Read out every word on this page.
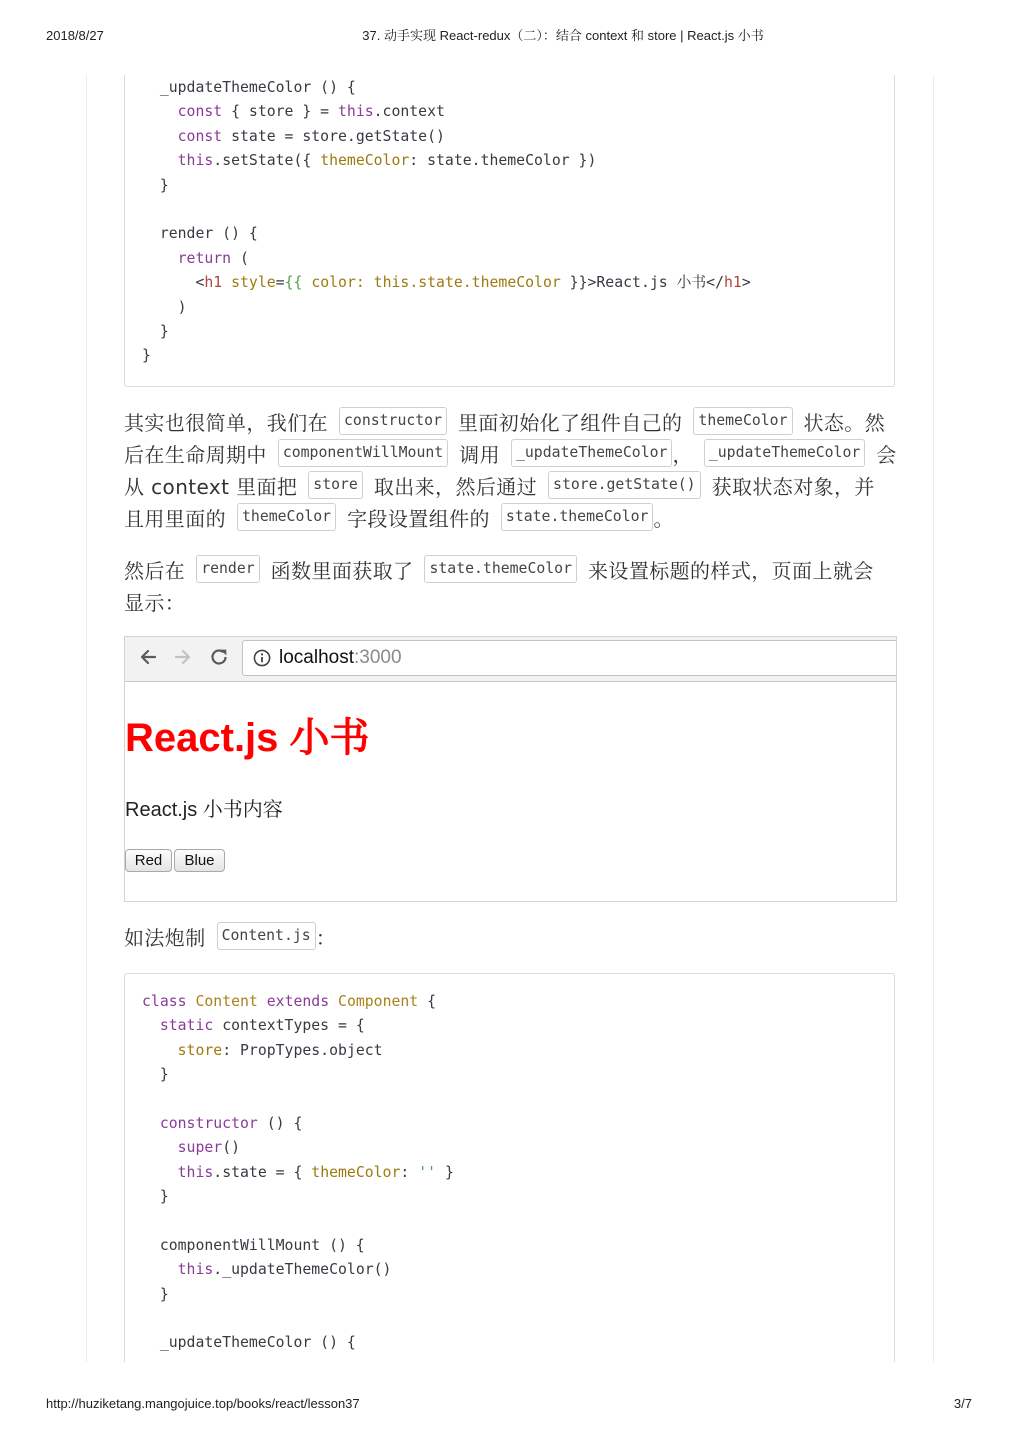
2018/8/27	37. 动手实现 React-redux（二）：结合 context 和 store | React.js 小书
_updateThemeColor () {
const { store } = this.context
const state = store.getState()
this.setState({ themeColor: state.themeColor })
}
render () {
return (
<h1 style={{ color: this.state.themeColor }}>React.js 小书</h1>
)
}
}
其实也很简单，我们在	constructor 里面初始化了组件自己的	themeColor 状态。然
后在生命周期中	componentWillMount 调用	_updateThemeColor ，	_updateThemeColor 会
从 context 里面把	store 取出来，然后通过	store.getState() 获取状态对象，并
且用里面的	themeColor 字段设置组件的	state.themeColor 。
然后在	render 函数里面获取了	state.themeColor 来设置标题的样式，页面上就会
显示：
localhost:3000
React.js 小书
React.js 小书内容
Red	Blue
如法炮制	Content.js ：
class Content extends Component {
static contextTypes = {
store: PropTypes.object
}
constructor () {
super()
this.state = { themeColor: '' }
}
componentWillMount () {
this._updateThemeColor()
}
_updateThemeColor () {
http://huziketang.mangojuice.top/books/react/lesson37	3/7
